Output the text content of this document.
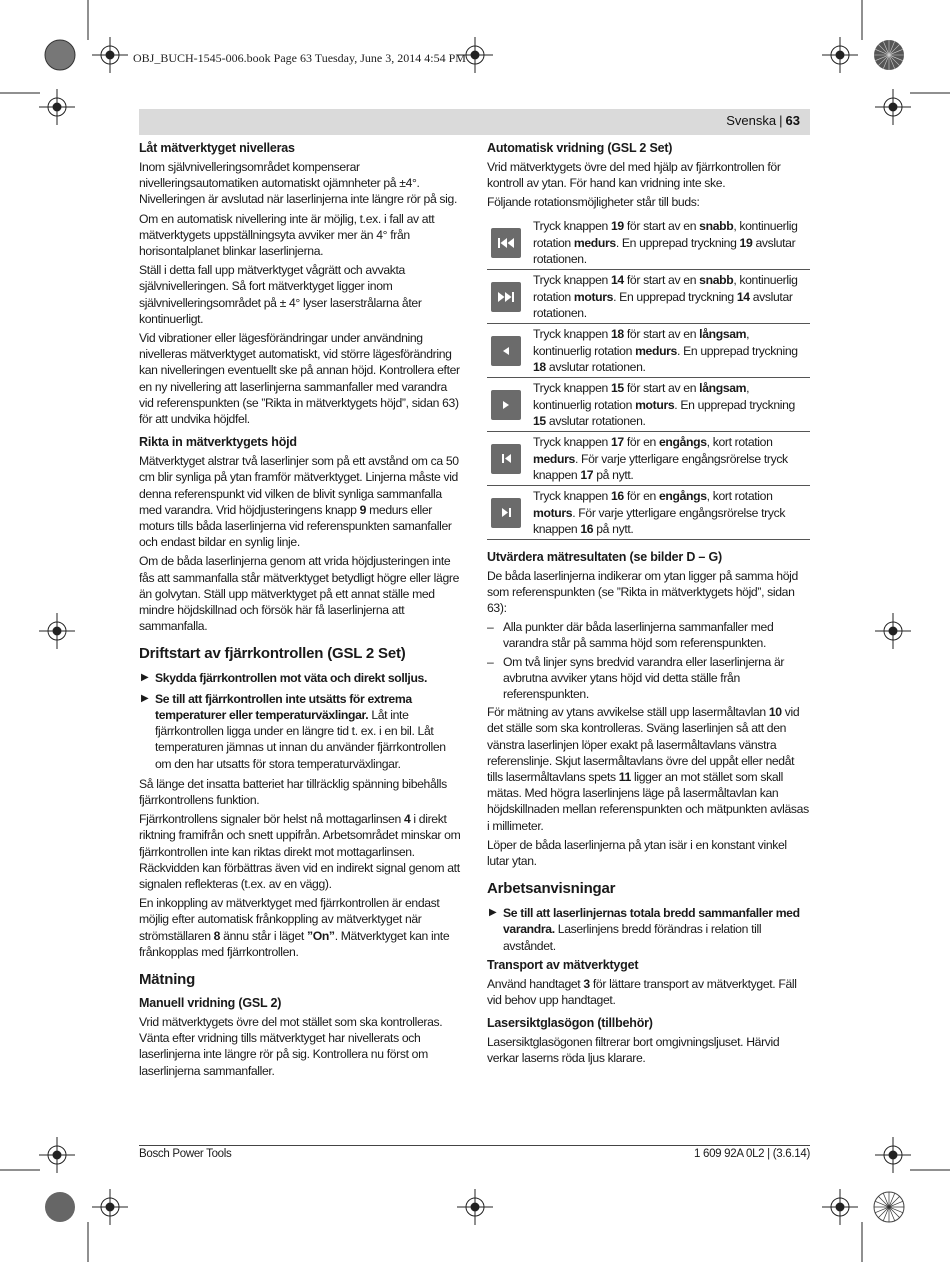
OBJ_BUCH-1545-006.book Page 63 Tuesday, June 3, 2014 4:54 PM
Svenska | 63
Låt mätverktyget nivelleras
Inom självnivelleringsområdet kompenserar nivelleringsautomatiken automatiskt ojämnheter på ±4°. Nivelleringen är avslutad när laserlinjerna inte längre rör på sig.
Om en automatisk nivellering inte är möjlig, t.ex. i fall av att mätverktygets uppställningsyta avviker mer än 4° från horisontalplanet blinkar laserlinjerna.
Ställ i detta fall upp mätverktyget vågrätt och avvakta självnivelleringen. Så fort mätverktyget ligger inom självnivelleringsområdet på ± 4° lyser laserstrålarna åter kontinuerligt.
Vid vibrationer eller lägesförändringar under användning nivelleras mätverktyget automatiskt, vid större lägesförändring kan nivelleringen eventuellt ske på annan höjd. Kontrollera efter en ny nivellering att laserlinjerna sammanfaller med varandra vid referenspunkten (se ”Rikta in mätverktygets höjd”, sidan 63) för att undvika höjdfel.
Rikta in mätverktygets höjd
Mätverktyget alstrar två laserlinjer som på ett avstånd om ca 50 cm blir synliga på ytan framför mätverktyget. Linjerna måste vid denna referenspunkt vid vilken de blivit synliga sammanfalla med varandra. Vrid höjdjusteringens knapp 9 medurs eller moturs tills båda laserlinjerna vid referenspunkten samanfaller och endast bildar en synlig linje.
Om de båda laserlinjerna genom att vrida höjdjusteringen inte fås att sammanfalla står mätverktyget betydligt högre eller lägre än golvytan. Ställ upp mätverktyget på ett annat ställe med mindre höjdskillnad och försök här få laserlinjerna att sammanfalla.
Driftstart av fjärrkontrollen (GSL 2 Set)
▶ Skydda fjärrkontrollen mot väta och direkt solljus.
▶ Se till att fjärrkontrollen inte utsätts för extrema temperaturer eller temperaturväxlingar. Låt inte fjärrkontrollen ligga under en längre tid t. ex. i en bil. Låt temperaturen jämnas ut innan du använder fjärrkontrollen om den har utsatts för stora temperaturväxlingar.
Så länge det insatta batteriet har tillräcklig spänning bibehålls fjärrkontrollens funktion.
Fjärrkontrollens signaler bör helst nå mottagarlinsen 4 i direkt riktning framifrån och snett uppifrån. Arbetsområdet minskar om fjärrkontrollen inte kan riktas direkt mot mottagarlinsen. Räckvidden kan förbättras även vid en indirekt signal genom att signalen reflekteras (t.ex. av en vägg).
En inkoppling av mätverktyget med fjärrkontrollen är endast möjlig efter automatisk frånkoppling av mätverktyget när strömställaren 8 ännu står i läget ”On”. Mätverktyget kan inte frånkopplas med fjärrkontrollen.
Mätning
Manuell vridning (GSL 2)
Vrid mätverktygets övre del mot stället som ska kontrolleras. Vänta efter vridning tills mätverktyget har nivellerats och laserlinjerna inte längre rör på sig. Kontrollera nu först om laserlinjerna sammanfaller.
Automatisk vridning (GSL 2 Set)
Vrid mätverktygets övre del med hjälp av fjärrkontrollen för kontroll av ytan. För hand kan vridning inte ske.
Följande rotationsmöjligheter står till buds:
Tryck knappen 19 för start av en snabb, kontinuerlig rotation medurs. En upprepad tryckning 19 avslutar rotationen.
Tryck knappen 14 för start av en snabb, kontinuerlig rotation moturs. En upprepad tryckning 14 avslutar rotationen.
Tryck knappen 18 för start av en långsam, kontinuerlig rotation medurs. En upprepad tryckning 18 avslutar rotationen.
Tryck knappen 15 för start av en långsam, kontinuerlig rotation moturs. En upprepad tryckning 15 avslutar rotationen.
Tryck knappen 17 för en engångs, kort rotation medurs. För varje ytterligare engångsrörelse tryck knappen 17 på nytt.
Tryck knappen 16 för en engångs, kort rotation moturs. För varje ytterligare engångsrörelse tryck knappen 16 på nytt.
Utvärdera mätresultaten (se bilder D – G)
De båda laserlinjerna indikerar om ytan ligger på samma höjd som referenspunkten (se ”Rikta in mätverktygets höjd”, sidan 63):
– Alla punkter där båda laserlinjerna sammanfaller med varandra står på samma höjd som referenspunkten.
– Om två linjer syns bredvid varandra eller laserlinjerna är avbrutna avviker ytans höjd vid detta ställe från referenspunkten.
För mätning av ytans avvikelse ställ upp lasermåltavlan 10 vid det ställe som ska kontrolleras. Sväng laserlinjen så att den vänstra laserlinjen löper exakt på lasermåltavlans vänstra referenslinje. Skjut lasermåltavlans övre del uppåt eller nedåt tills lasermåltavlans spets 11 ligger an mot stället som skall mätas. Med högra laserlinjens läge på lasermåltavlan kan höjdskillnaden mellan referenspunkten och mätpunkten avläsas i millimeter.
Löper de båda laserlinjerna på ytan isär i en konstant vinkel lutar ytan.
Arbetsanvisningar
▶ Se till att laserlinjernas totala bredd sammanfaller med varandra. Laserlinjens bredd förändras i relation till avståndet.
Transport av mätverktyget
Använd handtaget 3 för lättare transport av mätverktyget. Fäll vid behov upp handtaget.
Lasersiktglasögon (tillbehör)
Lasersiktglasögonen filtrerar bort omgivningsljuset. Härvid verkar laserns röda ljus klarare.
Bosch Power Tools	1 609 92A 0L2 | (3.6.14)
